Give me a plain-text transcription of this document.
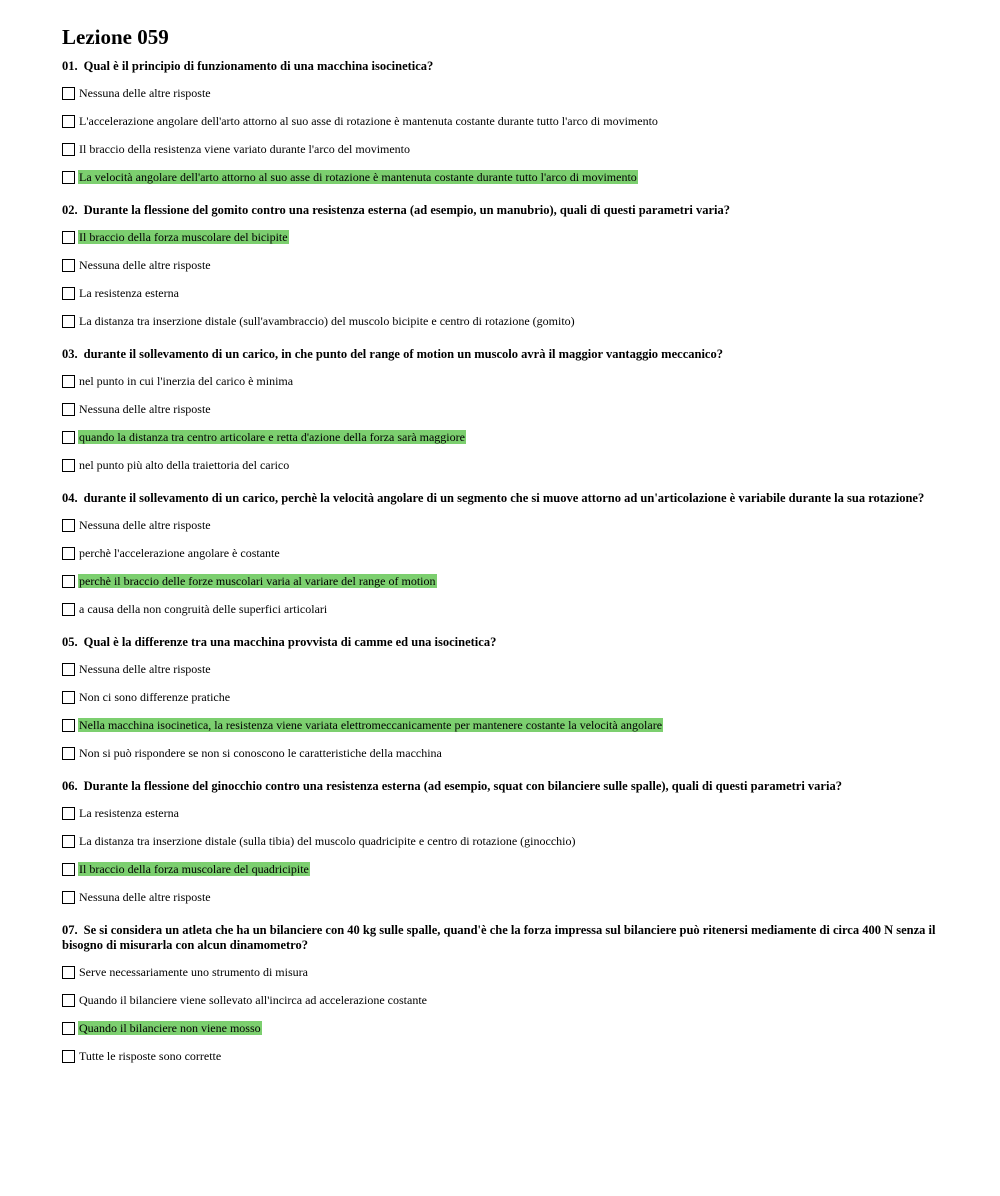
Lezione 059
01. Qual è il principio di funzionamento di una macchina isocinetica?
Nessuna delle altre risposte
L'accelerazione angolare dell'arto attorno al suo asse di rotazione è mantenuta costante durante tutto l'arco di movimento
Il braccio della resistenza viene variato durante l'arco del movimento
La velocità angolare dell'arto attorno al suo asse di rotazione è mantenuta costante durante tutto l'arco di movimento
02. Durante la flessione del gomito contro una resistenza esterna (ad esempio, un manubrio), quali di questi parametri varia?
Il braccio della forza muscolare del bicipite
Nessuna delle altre risposte
La resistenza esterna
La distanza tra inserzione distale (sull'avambraccio) del muscolo bicipite e centro di rotazione (gomito)
03. durante il sollevamento di un carico, in che punto del range of motion un muscolo avrà il maggior vantaggio meccanico?
nel punto in cui l'inerzia del carico è minima
Nessuna delle altre risposte
quando la distanza tra centro articolare e retta d'azione della forza sarà maggiore
nel punto più alto della traiettoria del carico
04. durante il sollevamento di un carico, perchè la velocità angolare di un segmento che si muove attorno ad un'articolazione è variabile durante la sua rotazione?
Nessuna delle altre risposte
perchè l'accelerazione angolare è costante
perchè il braccio delle forze muscolari varia al variare del range of motion
a causa della non congruità delle superfici articolari
05. Qual è la differenze tra una macchina provvista di camme ed una isocinetica?
Nessuna delle altre risposte
Non ci sono differenze pratiche
Nella macchina isocinetica, la resistenza viene variata elettromeccanicamente per mantenere costante la velocità angolare
Non si può rispondere se non si conoscono le caratteristiche della macchina
06. Durante la flessione del ginocchio contro una resistenza esterna (ad esempio, squat con bilanciere sulle spalle), quali di questi parametri varia?
La resistenza esterna
La distanza tra inserzione distale (sulla tibia) del muscolo quadricipite e centro di rotazione (ginocchio)
Il braccio della forza muscolare del quadricipite
Nessuna delle altre risposte
07. Se si considera un atleta che ha un bilanciere con 40 kg sulle spalle, quand'è che la forza impressa sul bilanciere può ritenersi mediamente di circa 400 N senza il bisogno di misurarla con alcun dinamometro?
Serve necessariamente uno strumento di misura
Quando il bilanciere viene sollevato all'incirca ad accelerazione costante
Quando il bilanciere non viene mosso
Tutte le risposte sono corrette
